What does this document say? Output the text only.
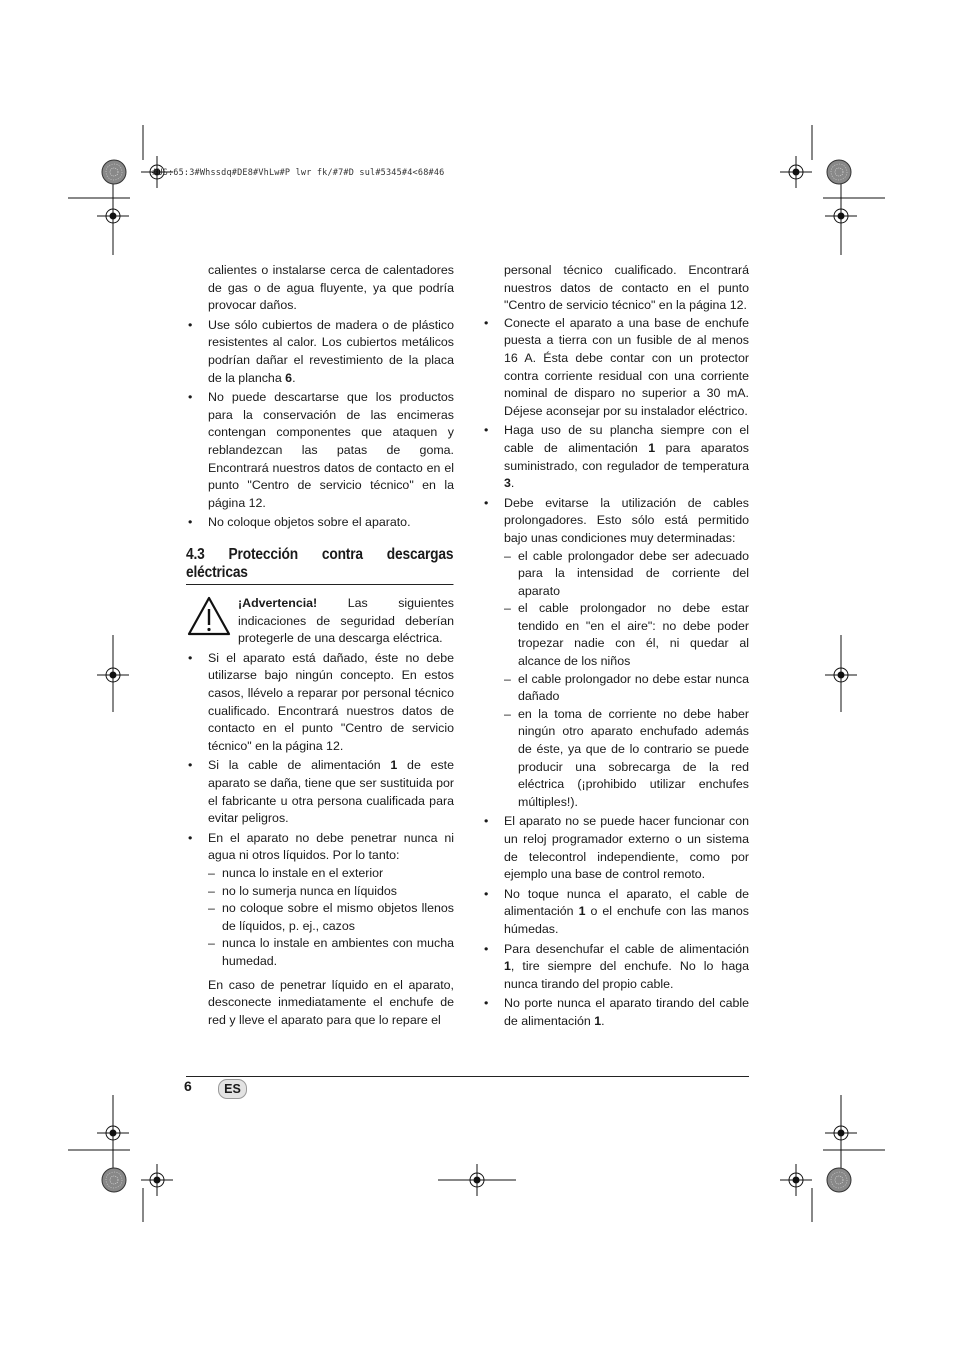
#US:65:3#Whssdq#DE8#VhLw#P lwr fk/#7#D sul#5345#4<68#46

calientes o instalarse cerca de calentadores de gas o de agua fluyente, ya que podría provocar daños.

• Use sólo cubiertos de madera o de plástico resistentes al calor. Los cubiertos metálicos podrían dañar el revestimiento de la placa de la plancha 6.
• No puede descartarse que los productos para la conservación de las encimeras contengan componentes que ataquen y reblandezcan las patas de goma. Encontrará nuestros datos de contacto en el punto "Centro de servicio técnico" en la página 12.
• No coloque objetos sobre el aparato.
4.3 Protección contra descargas eléctricas
¡Advertencia! Las siguientes indicaciones de seguridad deberían protegerle de una descarga eléctrica.
• Si el aparato está dañado, éste no debe utilizarse bajo ningún concepto. En estos casos, llévelo a reparar por personal técnico cualificado. Encontrará nuestros datos de contacto en el punto "Centro de servicio técnico" en la página 12.
• Si la cable de alimentación 1 de este aparato se daña, tiene que ser sustituida por el fabricante u otra persona cualificada para evitar peligros.
• En el aparato no debe penetrar nunca ni agua ni otros líquidos. Por lo tanto:
– nunca lo instale en el exterior
– no lo sumerja nunca en líquidos
– no coloque sobre el mismo objetos llenos de líquidos, p. ej., cazos
– nunca lo instale en ambientes con mucha humedad.

En caso de penetrar líquido en el aparato, desconecte inmediatamente el enchufe de red y lleve el aparato para que lo repare el

personal técnico cualificado. Encontrará nuestros datos de contacto en el punto "Centro de servicio técnico" en la página 12.

• Conecte el aparato a una base de enchufe puesta a tierra con un fusible de al menos 16 A. Ésta debe contar con un protector contra corriente residual con una corriente nominal de disparo no superior a 30 mA. Déjese aconsejar por su instalador eléctrico.
• Haga uso de su plancha siempre con el cable de alimentación 1 para aparatos suministrado, con regulador de temperatura 3.
• Debe evitarse la utilización de cables prolongadores. Esto sólo está permitido bajo unas condiciones muy determinadas:
– el cable prolongador debe ser adecuado para la intensidad de corriente del aparato
– el cable prolongador no debe estar tendido en "en el aire": no debe poder tropezar nadie con él, ni quedar al alcance de los niños
– el cable prolongador no debe estar nunca dañado
– en la toma de corriente no debe haber ningún otro aparato enchufado además de éste, ya que de lo contrario se puede producir una sobrecarga de la red eléctrica (¡prohibido utilizar enchufes múltiples!).
• El aparato no se puede hacer funcionar con un reloj programador externo o un sistema de telecontrol independiente, como por ejemplo una base de control remoto.
• No toque nunca el aparato, el cable de alimentación 1 o el enchufe con las manos húmedas.
• Para desenchufar el cable de alimentación 1, tire siempre del enchufe. No lo haga nunca tirando del propio cable.
• No porte nunca el aparato tirando del cable de alimentación 1.
6	ES
